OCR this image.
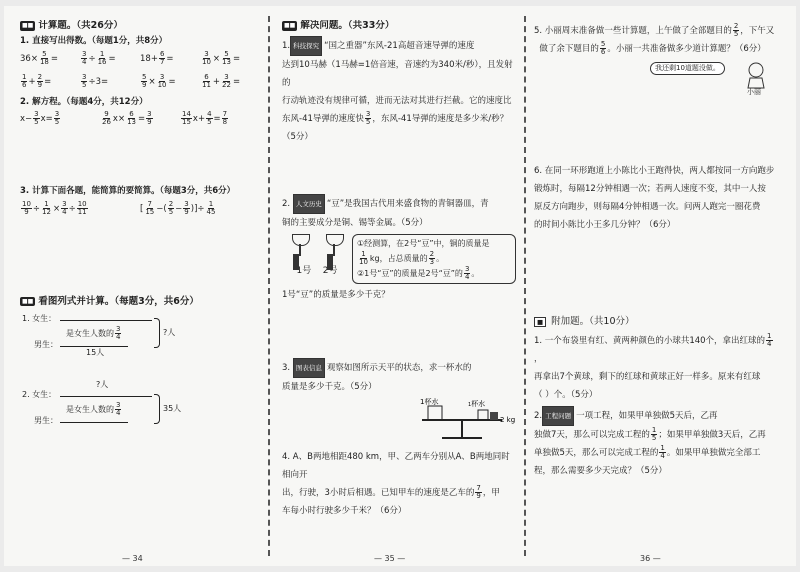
■■ 计算题。（共26分）
1. 直接写出得数。（每题1分，共8分）
$36\times \frac{5}{18}$ =	$\frac{3}{4} \div \frac{1}{16}$ =	$18+ \frac{6}{7}$ =	$\frac{3}{10} \times \frac{5}{13}$ =
$\frac{1}{6} + \frac{2}{9}$ =	$\frac{3}{5} \div 3=$	$\frac{5}{9} \times \frac{3}{10}$ =	$\frac{6}{11} + \frac{3}{22}$ =
2. 解方程。（每题4分，共12分）
$x- \frac{3}{5} x= \frac{3}{5}$	$\frac{9}{26} x\times \frac{6}{13} = \frac{3}{9}$	$\frac{14}{15} x+ \frac{4}{5} = \frac{7}{8}$
3. 计算下面各题，能简算的要简算。（每题3分，共6分）
$\frac{10}{9} \div \frac{1}{12} \times \frac{3}{4} \div \frac{10}{11}$	[ $\frac{7}{15}$ −( $\frac{2}{5} - \frac{3}{9}$ )]÷ $\frac{1}{45}$
■■ 看图列式并计算。（每题3分，共6分）
1. 女生：
是女生人数的 $\frac{3}{4}$
男生：
15人
?人
?人
2. 女生：
是女生人数的 $\frac{3}{4}$
男生：
35人
— 34
■■ 解决问题。（共33分）
1. 科技探究 “国之重器”东风-21高超音速导弹的速度
达到10马赫（1马赫=1倍音速，音速约为340米/秒），且发射的
行动轨迹没有规律可循，进而无法对其进行拦截。它的速度比
东风-41导弹的速度快 $\frac{3}{5}$ ，东风-41导弹的速度是多少米/秒？
（5分）
2. 人文历史 “豆”是我国古代用来盛食物的青铜器皿，青
铜的主要成分是铜、锡等金属。（5分）

1号 2号
①经测算，在2号“豆”中，铜的质量是

$\frac{1}{10}$ kg，占总质量的 $\frac{2}{3}$ 。
②1号“豆”的质量是2号“豆”的 $\frac{3}{4}$ 。
1号“豆”的质量是多少千克？
3. 图表信息 观察如图所示天平的状态，求一杯水的
质量是多少千克。（5分）
1杯水	1杯水
2 kg
4. A、B两地相距480 km，甲、乙两车分别从A、B两地同时相向开
出，行驶，3小时后相遇。已知甲车的速度是乙车的 $\frac{7}{9}$ ，甲
车每小时行驶多少千米？（6分）
— 35 —
5. 小丽周末准备做一些计算题，上午做了全部题目的 $\frac{2}{5}$ ，下午又
做了余下题目的 $\frac{5}{6}$ 。小丽一共准备做多少道计算题？（6分）
我还剩10道题没做。
小丽
6. 在同一环形跑道上小陈比小王跑得快，两人都按同一方向跑步
锻炼时，每隔12分钟相遇一次；若两人速度不变，其中一人按
原反方向跑步，则每隔4分钟相遇一次。问两人跑完一圈花费
的时间小陈比小王多几分钟？（6分）
■ 附加题。（共10分）
1. 一个布袋里有红、黄两种颜色的小球共140个，拿出红球的 $\frac{1}{4}$
，
再拿出7个黄球，剩下的红球和黄球正好一样多。原来有红球
（ ）个。（5分）
2. 工程问题 一项工程，如果甲单独做5天后，乙再
独做7天，那么可以完成工程的 $\frac{1}{5}$ ；如果甲单独做3天后，乙再
单独做5天，那么可以完成工程的 $\frac{1}{4}$ 。如果甲单独做完全部工
程，那么需要多少天完成？（5分）
36 —
